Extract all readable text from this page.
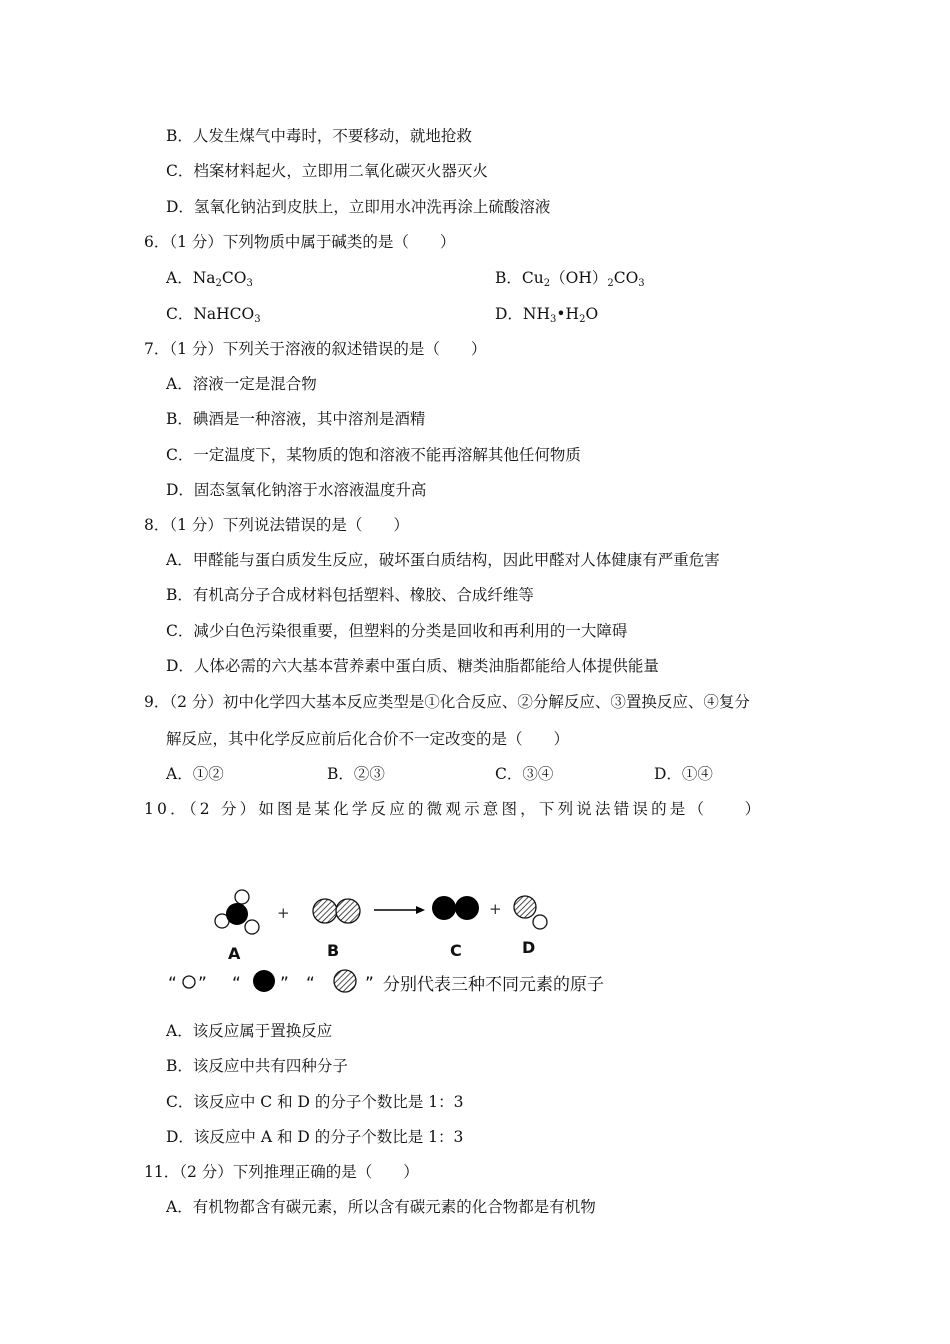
B．人发生煤气中毒时，不要移动，就地抢救
C．档案材料起火，立即用二氧化碳灭火器灭火
D．氢氧化钠沾到皮肤上，立即用水冲洗再涂上硫酸溶液
6．（1 分）下列物质中属于碱类的是（　　）
A．$Na_2CO_3$	B．$Cu_2(OH)_2CO_3$
C．NaHCO$_3$	D．$NH_3•H_2O$
7．（1 分）下列关于溶液的叙述错误的是（　　）
A．溶液一定是混合物
B．碘酒是一种溶液，其中溶剂是酒精
C．一定温度下，某物质的饱和溶液不能再溶解其他任何物质
D．固态氢氧化钠溶于水溶液温度升高
8．（1 分）下列说法错误的是（　　）
A．甲醛能与蛋白质发生反应，破坏蛋白质结构，因此甲醛对人体健康有严重危害
B．有机高分子合成材料包括塑料、橡胶、合成纤维等
C．减少白色污染很重要，但塑料的分类是回收和再利用的一大障碍
D．人体必需的六大基本营养素中蛋白质、糖类油脂都能给人体提供能量
9．（2 分）初中化学四大基本反应类型是①化合反应、②分解反应、③置换反应、④复分
解反应，其中化学反应前后化合价不一定改变的是（　　）
A．①②	B．②③	C．③④	D．①④
10．（2 分）如图是某化学反应的微观示意图，下列说法错误的是（　　）
+	+
A	B	C	D
“ ” “ ” “	” 分别代表三种不同元素的原子
A．该反应属于置换反应
B．该反应中共有四种分子
C．该反应中 C 和 D 的分子个数比是 1：3
D．该反应中 A 和 D 的分子个数比是 1：3
11．（2 分）下列推理正确的是（　　）
A．有机物都含有碳元素，所以含有碳元素的化合物都是有机物
